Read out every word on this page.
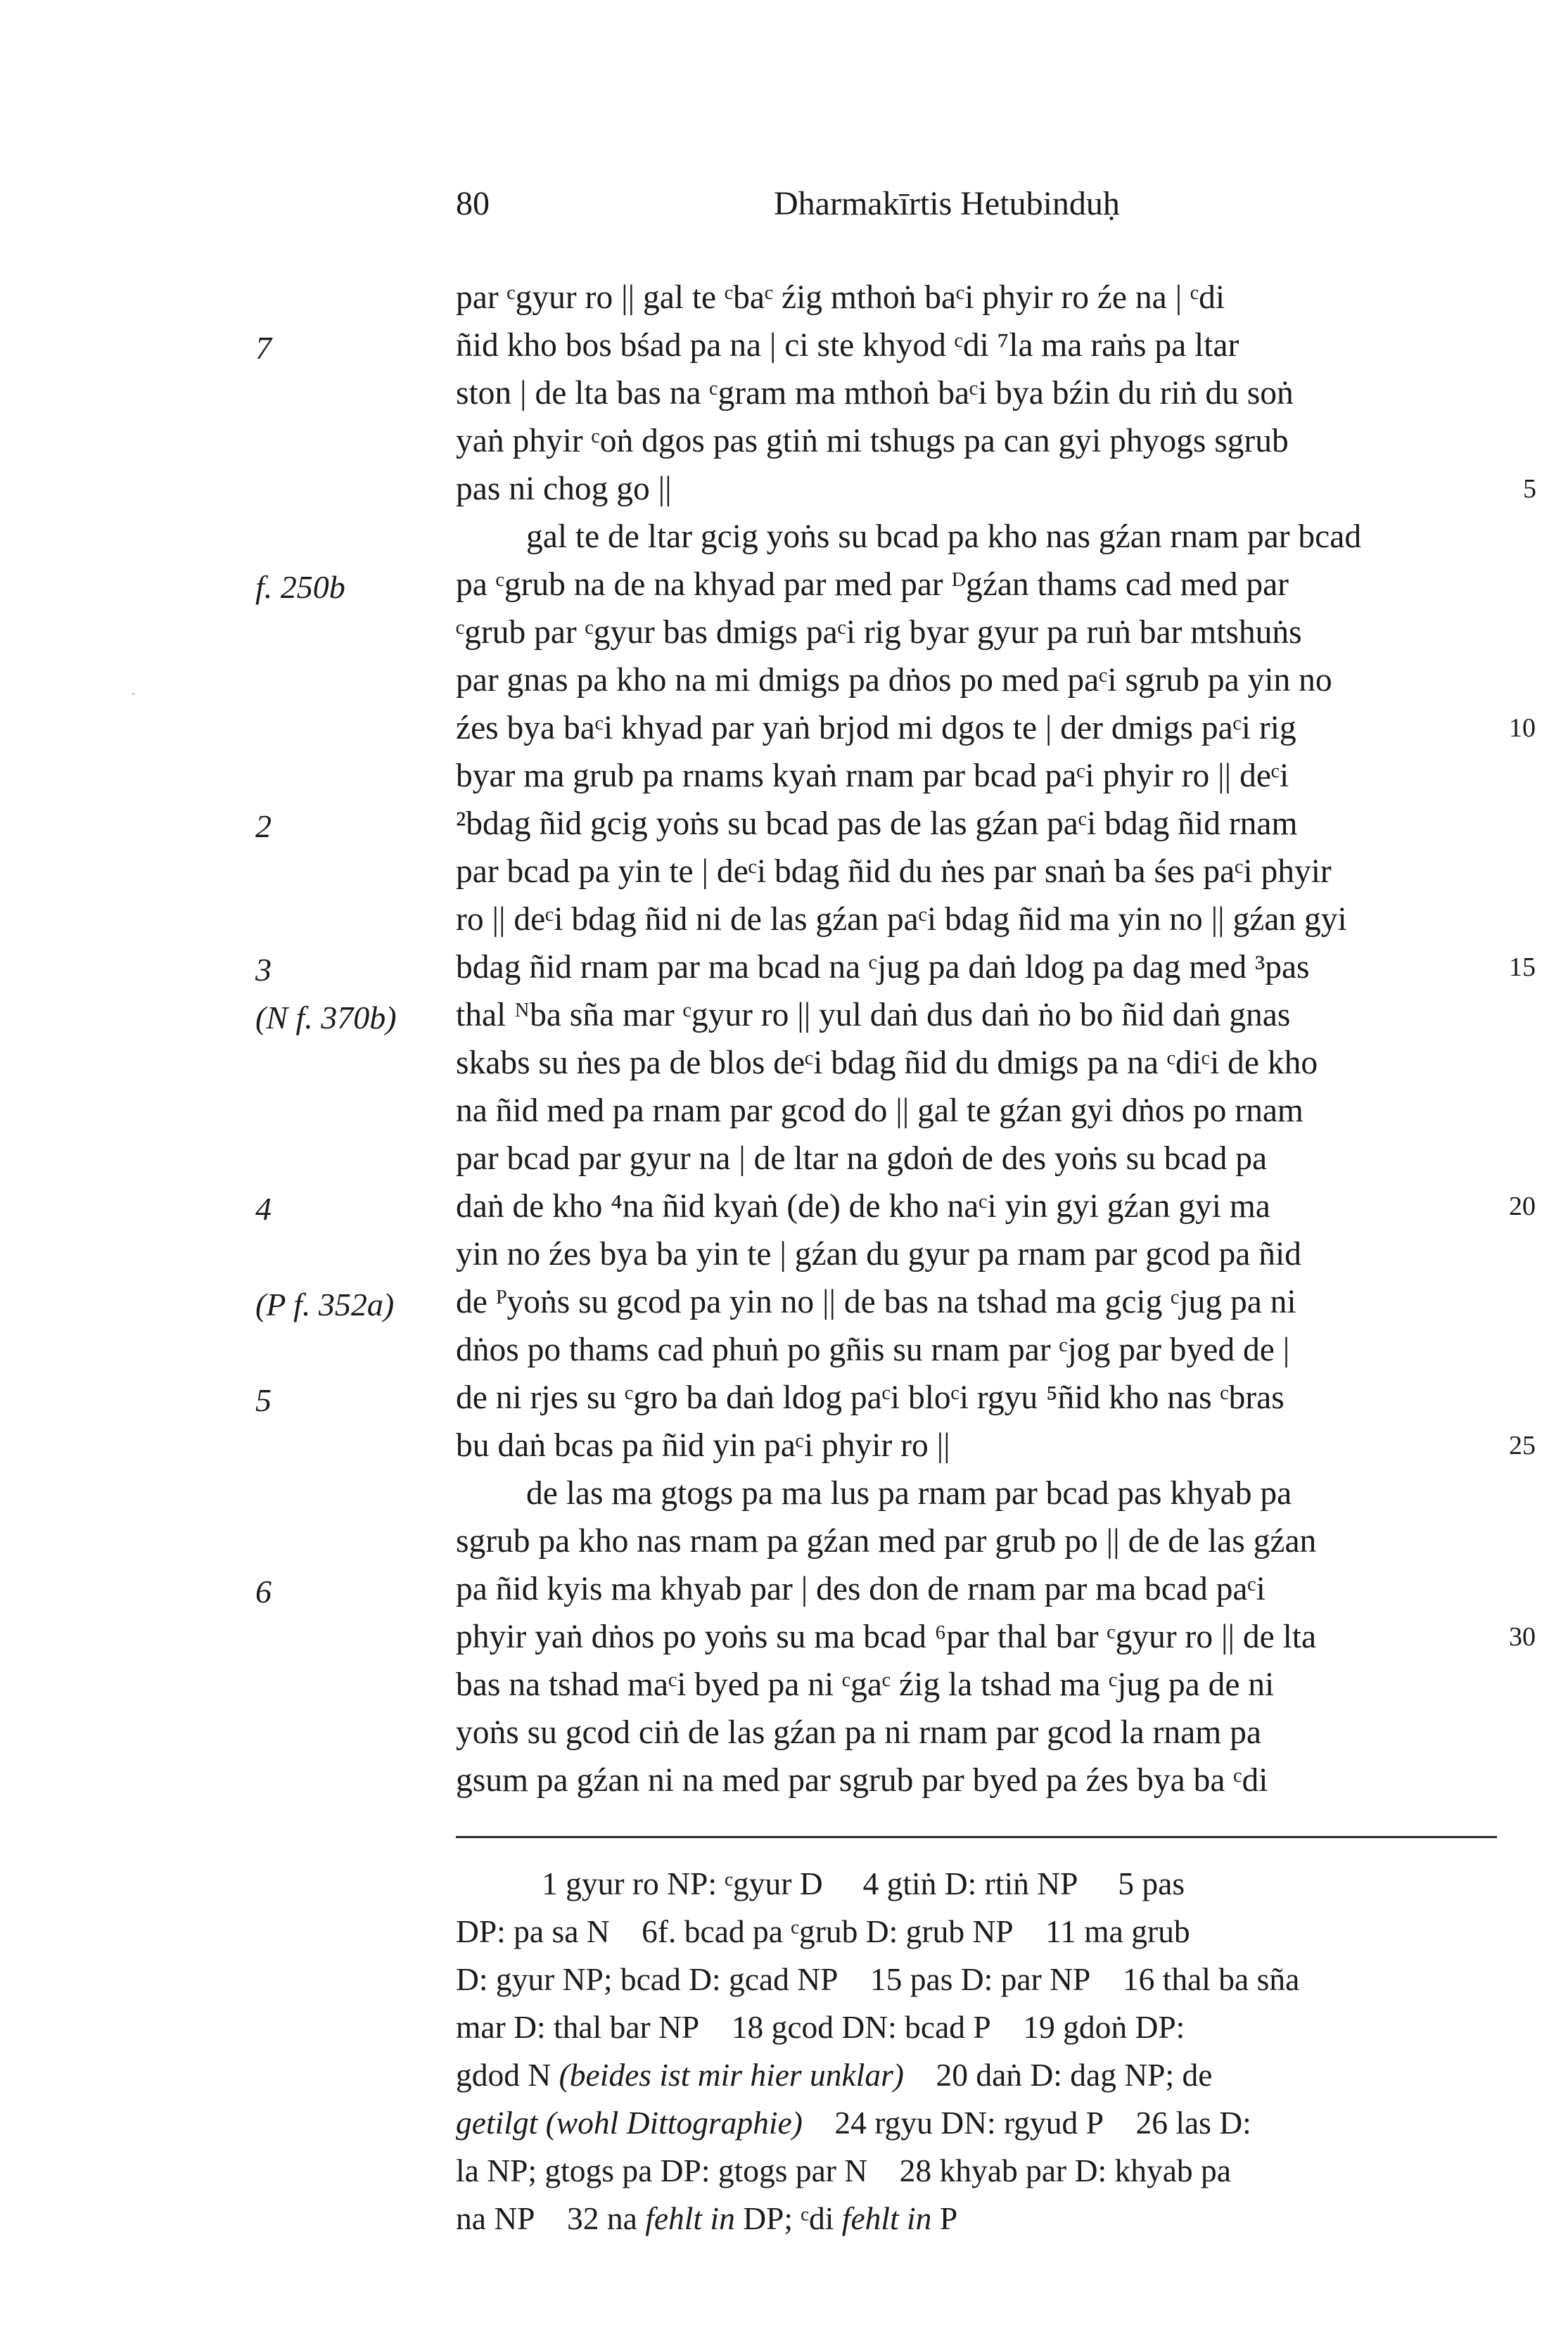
80	Dharmakīrtis Hetubinduḥ
7
f. 250b
2
3
(N f. 370b)
4
(P f. 352a)
5
6
5
10
15
20
25
30
par ᶜgyur ro || gal te ᶜbaᶜ źig mthoṅ baᶜi phyir ro źe na | ᶜdi
ñid kho bos bśad pa na | ci ste khyod ᶜdi ⁷la ma raṅs pa ltar
ston | de lta bas na ᶜgram ma mthoṅ baᶜi bya bźin du riṅ du soṅ
yaṅ phyir ᶜoṅ dgos pas gtiṅ mi tshugs pa can gyi phyogs sgrub
pas ni chog go ||
gal te de ltar gcig yoṅs su bcad pa kho nas gźan rnam par bcad
pa ᶜgrub na de na khyad par med par ᴰgźan thams cad med par
ᶜgrub par ᶜgyur bas dmigs paᶜi rig byar gyur pa ruṅ bar mtshuṅs
par gnas pa kho na mi dmigs pa dṅos po med paᶜi sgrub pa yin no
źes bya baᶜi khyad par yaṅ brjod mi dgos te | der dmigs paᶜi rig
byar ma grub pa rnams kyaṅ rnam par bcad paᶜi phyir ro || deᶜi
²bdag ñid gcig yoṅs su bcad pas de las gźan paᶜi bdag ñid rnam
par bcad pa yin te | deᶜi bdag ñid du ṅes par snaṅ ba śes paᶜi phyir
ro || deᶜi bdag ñid ni de las gźan paᶜi bdag ñid ma yin no || gźan gyi
bdag ñid rnam par ma bcad na ᶜjug pa daṅ ldog pa dag med ³pas
thal ᴺba sña mar ᶜgyur ro || yul daṅ dus daṅ ṅo bo ñid daṅ gnas
skabs su ṅes pa de blos deᶜi bdag ñid du dmigs pa na ᶜdiᶜi de kho
na ñid med pa rnam par gcod do || gal te gźan gyi dṅos po rnam
par bcad par gyur na | de ltar na gdoṅ de des yoṅs su bcad pa
daṅ de kho ⁴na ñid kyaṅ (de) de kho naᶜi yin gyi gźan gyi ma
yin no źes bya ba yin te | gźan du gyur pa rnam par gcod pa ñid
de ᴾyoṅs su gcod pa yin no || de bas na tshad ma gcig ᶜjug pa ni
dṅos po thams cad phuṅ po gñis su rnam par ᶜjog par byed de |
de ni rjes su ᶜgro ba daṅ ldog paᶜi bloᶜi rgyu ⁵ñid kho nas ᶜbras
bu daṅ bcas pa ñid yin paᶜi phyir ro ||
de las ma gtogs pa ma lus pa rnam par bcad pas khyab pa
sgrub pa kho nas rnam pa gźan med par grub po || de de las gźan
pa ñid kyis ma khyab par | des don de rnam par ma bcad paᶜi
phyir yaṅ dṅos po yoṅs su ma bcad ⁶par thal bar ᶜgyur ro || de lta
bas na tshad maᶜi byed pa ni ᶜgaᶜ źig la tshad ma ᶜjug pa de ni
yoṅs su gcod ciṅ de las gźan pa ni rnam par gcod la rnam pa
gsum pa gźan ni na med par sgrub par byed pa źes bya ba ᶜdi
1 gyur ro NP: ᶜgyur D     4 gtiṅ D: rtiṅ NP     5 pas
DP: pa sa N    6f. bcad pa ᶜgrub D: grub NP    11 ma grub
D: gyur NP; bcad D: gcad NP    15 pas D: par NP    16 thal ba sña
mar D: thal bar NP    18 gcod DN: bcad P    19 gdoṅ DP:
gdod N (beides ist mir hier unklar)    20 daṅ D: dag NP; de
getilgt (wohl Dittographie)    24 rgyu DN: rgyud P    26 las D:
la NP; gtogs pa DP: gtogs par N    28 khyab par D: khyab pa
na NP    32 na fehlt in DP; ᶜdi fehlt in P
